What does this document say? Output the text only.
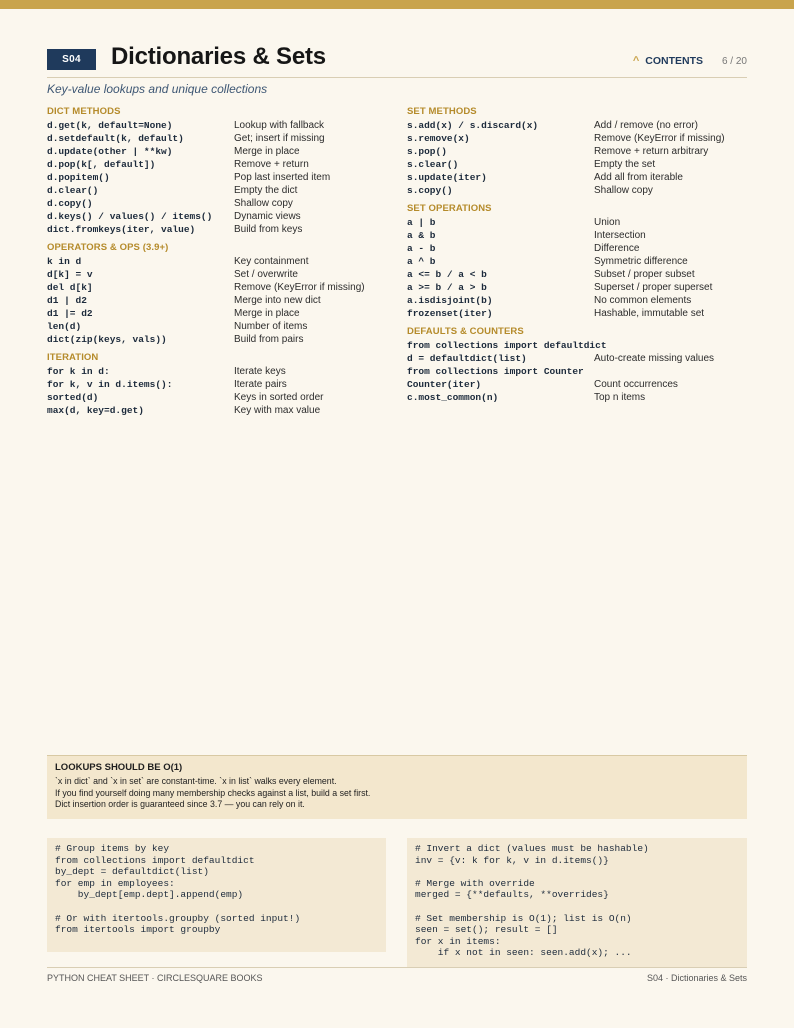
S04	Dictionaries & Sets	^ CONTENTS 6 / 20
Key-value lookups and unique collections
DICT METHODS
d.get(k, default=None)	Lookup with fallback
d.setdefault(k, default)	Get; insert if missing
d.update(other | **kw)	Merge in place
d.pop(k[, default])	Remove + return
d.popitem()	Pop last inserted item
d.clear()	Empty the dict
d.copy()	Shallow copy
d.keys() / values() / items()	Dynamic views
dict.fromkeys(iter, value)	Build from keys
OPERATORS & OPS (3.9+)
k in d	Key containment
d[k] = v	Set / overwrite
del d[k]	Remove (KeyError if missing)
d1 | d2	Merge into new dict
d1 |= d2	Merge in place
len(d)	Number of items
dict(zip(keys, vals))	Build from pairs
ITERATION
for k in d:	Iterate keys
for k, v in d.items():	Iterate pairs
sorted(d)	Keys in sorted order
max(d, key=d.get)	Key with max value
SET METHODS
s.add(x) / s.discard(x)	Add / remove (no error)
s.remove(x)	Remove (KeyError if missing)
s.pop()	Remove + return arbitrary
s.clear()	Empty the set
s.update(iter)	Add all from iterable
s.copy()	Shallow copy
SET OPERATIONS
a | b	Union
a & b	Intersection
a - b	Difference
a ^ b	Symmetric difference
a <= b / a < b	Subset / proper subset
a >= b / a > b	Superset / proper superset
a.isdisjoint(b)	No common elements
frozenset(iter)	Hashable, immutable set
DEFAULTS & COUNTERS
from collections import defaultdict
d = defaultdict(list)	Auto-create missing values
from collections import Counter
Counter(iter)	Count occurrences
c.most_common(n)	Top n items
LOOKUPS SHOULD BE O(1)
`x in dict` and `x in set` are constant-time. `x in list` walks every element.
If you find yourself doing many membership checks against a list, build a set first.
Dict insertion order is guaranteed since 3.7 — you can rely on it.
# Group items by key
from collections import defaultdict
by_dept = defaultdict(list)
for emp in employees:
by_dept[emp.dept].append(emp)
# Or with itertools.groupby (sorted input!)
from itertools import groupby
# Invert a dict (values must be hashable)
inv = {v: k for k, v in d.items()}
# Merge with override
merged = {**defaults, **overrides}
# Set membership is O(1); list is O(n)
seen = set(); result = []
for x in items:
if x not in seen: seen.add(x); ...
PYTHON CHEAT SHEET · CIRCLESQUARE BOOKS	S04 · Dictionaries & Sets
